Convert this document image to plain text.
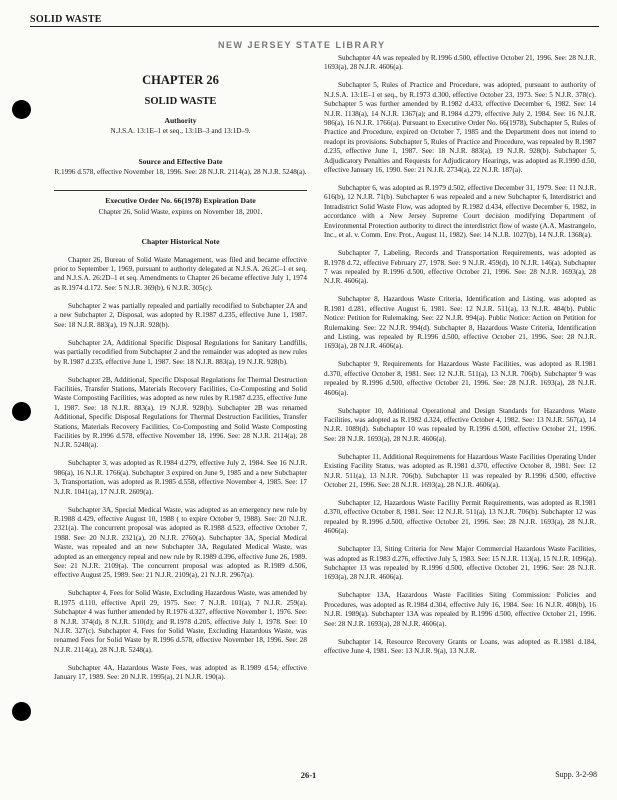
SOLID WASTE
NEW JERSEY STATE LIBRARY
CHAPTER 26
SOLID WASTE
Authority
N.J.S.A. 13:1E–1 et seq., 13:1B–3 and 13:1D–9.
Source and Effective Date
R.1996 d.578, effective November 18, 1996. See: 28 N.J.R. 2114(a), 28 N.J.R. 5248(a).
Executive Order No. 66(1978) Expiration Date
Chapter 26, Solid Waste, expires on November 18, 2001.
Chapter Historical Note

Chapter 26, Bureau of Solid Waste Management, was filed and became effective prior to September 1, 1969, pursuant to authority delegated at N.J.S.A. 26:2C–1 et seq. and N.J.S.A. 26:2D–1 et seq. Amendments to Chapter 26 became effective July 1, 1974 as R.1974 d.172. See: 5 N.J.R. 369(b), 6 N.J.R. 305(c).

Subchapter 2 was partially repealed and partially recodified to Subchapter 2A and a new Subchapter 2, Disposal, was adopted by R.1987 d.235, effective June 1, 1987. See: 18 N.J.R. 883(a), 19 N.J.R. 928(b).

Subchapter 2A, Additional Specific Disposal Regulations for Sanitary Landfills, was partially recodified from Subchapter 2 and the remainder was adopted as new rules by R.1987 d.235, effective June 1, 1987. See: 18 N.J.R. 883(a), 19 N.J.R. 928(b).

Subchapter 2B, Additional, Specific Disposal Regulations for Thermal Destruction Facilities, Transfer Stations, Materials Recovery Facilities, Co-Composting and Solid Waste Composting Facilities, was adopted as new rules by R.1987 d.235, effective June 1, 1987. See: 18 N.J.R. 883(a), 19 N.J.R. 928(b). Subchapter 2B was renamed Additional, Specific Disposal Regulations for Thermal Destruction Facilities, Transfer Stations, Materials Recovery Facilities, Co-Composting and Solid Waste Composting Facilities by R.1996 d.578, effective November 18, 1996. See: 28 N.J.R. 2114(a), 28 N.J.R. 5248(a).

Subchapter 3, was adopted as R.1984 d.279, effective July 2, 1984. See 16 N.J.R. 986(a), 16 N.J.R. 1766(a). Subchapter 3 expired on June 9, 1985 and a new Subchapter 3, Transportation, was adopted as R.1985 d.558, effective November 4, 1985. See: 17 N.J.R. 1041(a), 17 N.J.R. 2609(a).

Subchapter 3A, Special Medical Waste, was adopted as an emergency new rule by R.1988 d.429, effective August 10, 1988 ( to expire October 9, 1988). See: 20 N.J.R. 2321(a). The concurrent proposal was adopted as R.1988 d.523, effective October 7, 1988. See: 20 N.J.R. 2321(a), 20 N.J.R. 2760(a). Subchapter 3A, Special Medical Waste, was repealed and an new Subchapter 3A, Regulated Medical Waste, was adopted as an emergency repeal and new rule by R.1989 d.396, effective June 26, 1989. See: 21 N.J.R. 2109(a). The concurrent proposal was adopted as R.1989 d.506, effective August 25, 1989. See: 21 N.J.R. 2109(a), 21 N.J.R. 2967(a).

Subchapter 4, Fees for Solid Waste, Excluding Hazardous Waste, was amended by R.1975 d.110, effective April 29, 1975. See: 7 N.J.R. 101(a), 7 N.J.R. 259(a). Subchapter 4 was further amended by R.1976 d.327, effective November 1, 1976. See: 8 N.J.R. 374(d), 8 N.J.R. 510(d); and R.1978 d.205, effective July 1, 1978. See: 10 N.J.R. 327(c). Subchapter 4, Fees for Solid Waste, Excluding Hazardous Waste, was renamed Fees for Solid Waste by R.1996 d.578, effective November 18, 1996. See: 28 N.J.R. 2114(a), 28 N.J.R. 5248(a).

Subchapter 4A, Hazardous Waste Fees, was adopted as R.1989 d.54, effective January 17, 1989. See: 20 N.J.R. 1995(a), 21 N.J.R. 190(a).

Subchapter 4A was repealed by R.1996 d.500, effective October 21, 1996. See: 28 N.J.R. 1693(a), 28 N.J.R. 4606(a).

Subchapter 5, Rules of Practice and Procedure, was adopted, pursuant to authority of N.J.S.A. 13:1E–1 et seq., by R.1973 d.300, effective October 23, 1973. See: 5 N.J.R. 378(c). Subchapter 5 was further amended by R.1982 d.433, effective December 6, 1982. See: 14 N.J.R. 1138(a), 14 N.J.R. 1367(a); and R.1984 d.279, effective July 2, 1984. See: 16 N.J.R. 986(a), 16 N.J.R. 1766(a). Pursuant to Executive Order No. 66(1978), Subchapter 5, Rules of Practice and Procedure, expired on October 7, 1985 and the Department does not intend to readopt its provisions. Subchapter 5, Rules of Practice and Procedure, was repealed by R.1987 d.235, effective June 1, 1987. See: 18 N.J.R. 883(a), 19 N.J.R. 928(b). Subchapter 5, Adjudicatory Penalties and Requests for Adjudicatory Hearings, was adopted as R.1990 d.50, effective January 16, 1990. See: 21 N.J.R. 2734(a), 22 N.J.R. 187(a).

Subchapter 6, was adopted as R.1979 d.502, effective December 31, 1979. See: 11 N.J.R. 616(b), 12 N.J.R. 71(b). Subchapter 6 was repealed and a new Subchapter 6, Interdistrict and Intradistrict Solid Waste Flow, was adopted by R.1982 d.434, effective December 6, 1982, in accordance with a New Jersey Supreme Court decision modifying Department of Environmental Protection authority to direct the interdistrict flow of waste (A.A. Mastrangelo, Inc., et al. v. Comm. Env. Prot., August 11, 1982). See: 14 N.J.R. 1027(b), 14 N.J.R. 1368(a).

Subchapter 7, Labeling, Records and Transportation Requirements, was adopted as R.1978 d.72, effective February 27, 1978. See: 9 N.J.R. 459(d), 10 N.J.R. 146(a). Subchapter 7 was repealed by R.1996 d.500, effective October 21, 1996. See: 28 N.J.R. 1693(a), 28 N.J.R. 4606(a).

Subchapter 8, Hazardous Waste Criteria, Identification and Listing, was adopted as R.1981 d.281, effective August 6, 1981. See: 12 N.J.R. 511(a), 13 N.J.R. 484(b). Public Notice: Petition for Rulemaking. See: 22 N.J.R. 994(a). Public Notice: Action on Petition for Rulemaking. See: 22 N.J.R. 994(d). Subchapter 8, Hazardous Waste Criteria, Identification and Listing, was repealed by R.1996 d.500, effective October 21, 1996. See: 28 N.J.R. 1693(a), 28 N.J.R. 4606(a).

Subchapter 9, Requirements for Hazardous Waste Facilities, was adopted as R.1981 d.370, effective October 8, 1981. See: 12 N.J.R. 511(a), 13 N.J.R. 706(b). Subchapter 9 was repealed by R.1996 d.500, effective October 21, 1996. See: 28 N.J.R. 1693(a), 28 N.J.R. 4606(a).

Subchapter 10, Additional Operational and Design Standards for Hazardous Waste Facilities, was adopted as R.1982 d.324, effective October 4, 1982. See: 13 N.J.R. 567(a), 14 N.J.R. 1089(d). Subchapter 10 was repealed by R.1996 d.500, effective October 21, 1996. See: 28 N.J.R. 1693(a), 28 N.J.R. 4606(a).

Subchapter 11, Additional Requirements for Hazardous Waste Facilities Operating Under Existing Facility Status, was adopted as R.1981 d.370, effective October 8, 1981. See: 12 N.J.R. 511(a), 13 N.J.R. 706(b). Subchapter 11 was repealed by R.1996 d.500, effective October 21, 1996. See: 28 N.J.R. 1693(a), 28 N.J.R. 4606(a).

Subchapter 12, Hazardous Waste Facility Permit Requirements, was adopted as R.1981 d.370, effective October 8, 1981. See: 12 N.J.R. 511(a), 13 N.J.R. 706(b). Subchapter 12 was repealed by R.1996 d.500, effective October 21, 1996. See: 28 N.J.R. 1693(a), 28 N.J.R. 4606(a).

Subchapter 13, Siting Criteria for New Major Commercial Hazardous Waste Facilities, was adopted as R.1983 d.276, effective July 5, 1983. See: 15 N.J.R. 113(a), 15 N.J.R. 1096(a). Subchapter 13 was repealed by R.1996 d.500, effective October 21, 1996. See: 28 N.J.R. 1693(a), 28 N.J.R. 4606(a).

Subchapter 13A, Hazardous Waste Facilities Siting Commission: Policies and Procedures, was adopted as R.1984 d.304, effective July 16, 1984. See: 16 N.J.R. 408(b), 16 N.J.R. 1989(a). Subchapter 13A was repealed by R.1996 d.500, effective October 21, 1996. See: 28 N.J.R. 1693(a), 28 N.J.R. 4606(a).

Subchapter 14, Resource Recovery Grants or Loans, was adopted as R.1981 d.184, effective June 4, 1981. See: 13 N.J.R. 9(a), 13 N.J.R.

26-1	Supp. 3-2-98
